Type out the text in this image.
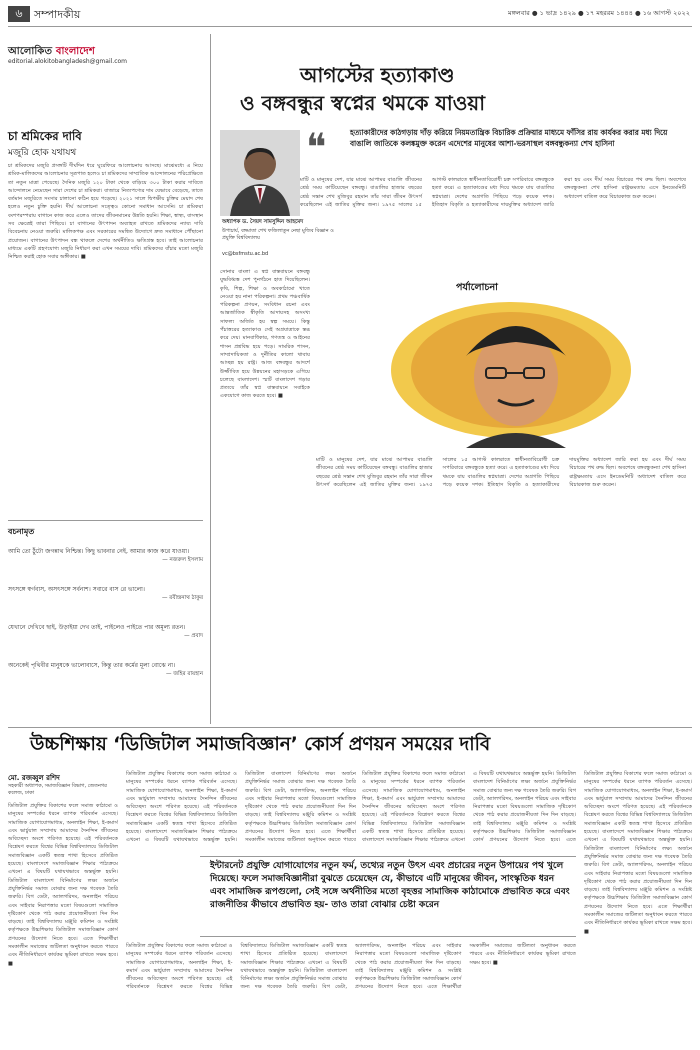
৬	সম্পাদকীয়	মঙ্গলবার ● ১ ভাদ্র ১৪২৯ ● ১৭ মহররম ১৪৪৪ ● ১৬ আগস্ট ২০২২
আলোকিত বাংলাদেশ
editorial.alokitobangladesh@gmail.com
চা শ্রমিকের দাবি
মজুরি হোক যথাযথ
চা শ্রমিকদের মজুরি প্রসঙ্গটি দীর্ঘদিন ধরে ঘুরেফিরে আলোচনায় আসছে। মাঝেমধ্যে এ নিয়ে শ্রমিক-মালিকদের আলোচনার সূত্রপাত হলেও চা শ্রমিকদের সাম্প্রতিক আন্দোলনের পরিপ্রেক্ষিতে তা নতুন মাত্রা পেয়েছে। দৈনিক মজুরি ১২০ টাকা থেকে বাড়িয়ে ৩০০ টাকা করার দাবিতে আন্দোলনে নেমেছেন সারা দেশের চা শ্রমিকরা। বাজারে নিত্যপণ্যের দাম যেভাবে বেড়েছে, তাতে বর্তমান মজুরিতে সংসার চালানো কঠিন হয়ে পড়েছে। ২০২১ সালে দ্বিপক্ষীয় চুক্তির মেয়াদ শেষ হলেও নতুন চুক্তি হয়নি। দীর্ঘ আলোচনা সত্ত্বেও কোনো সমাধান আসেনি। চা শ্রমিকরা বংশপরম্পরায় বাগানে কাজ করে এলেও তাদের জীবনমানের উন্নতি হয়নি। শিক্ষা, স্বাস্থ্য, বাসস্থান সব ক্ষেত্রেই তারা পিছিয়ে। চা বাগানের উৎপাদন অব্যাহত রাখতে শ্রমিকদের ন্যায্য দাবি বিবেচনায় নেওয়া জরুরি। মালিকপক্ষ এবং সরকারের সমন্বিত উদ্যোগে দ্রুত সমাধানে পৌঁছানো প্রয়োজন। বাগানের উৎপাদন বন্ধ থাকলে দেশের অর্থনীতিও ক্ষতিগ্রস্ত হবে। তাই আলোচনার মাধ্যমে একটি গ্রহণযোগ্য মজুরি নির্ধারণ করা এখন সময়ের দাবি। শ্রমিকদের বাঁচার মতো মজুরি নিশ্চিত করাই হোক সবার অঙ্গীকার। ■
বচনামৃত
আমি তো ঠুঁটো জগন্নাথ নিশ্চিন্ত। কিছু ভাবনার নেই, আমার কাজ করে যাওয়া।
— নজরুল ইসলাম
সৎসঙ্গে স্বর্গবাস, অসৎসঙ্গে সর্বনাশ। সবারে বাস রে ভালো।
— রবীন্দ্রনাথ ঠাকুর
যেখানে দেখিবে ছাই, উড়াইয়া দেখ তাই, পাইলেও পাইতে পার অমূল্য রতন।
— প্রবাদ
অনেকেই পৃথিবীর মানুষকে ভালোবাসে, কিন্তু তার কর্মের মূল্য বোঝে না।
— জহির রায়হান
আগস্টের হত্যাকাণ্ড
ও বঙ্গবন্ধুর স্বপ্নের থমকে যাওয়া
অধ্যাপক ড. সৈয়দ সামসুদ্দিন আহমেদ
উপাচার্য, বঙ্গমাতা শেখ ফজিলাতুন নেছা মুজিব বিজ্ঞান ও প্রযুক্তি বিশ্ববিদ্যালয়
vc@bsfmstu.ac.bd
❝	হত্যাকারীদের কাঠগড়ায় দাঁড় করিয়ে নিয়মতান্ত্রিক বিচারিক প্রক্রিয়ার মাধ্যমে ফাঁসির রায় কার্যকর করার মধ্য দিয়ে বাঙালি জাতিকে কলঙ্কমুক্ত করেন এদেশের মানুষের আশা-ভরসাস্থল বঙ্গবন্ধুকন্যা শেখ হাসিনা
মাটি ও মানুষের দেশ, যার মাঝে আপামর বাঙালি জীবনের শ্রেষ্ঠ সময় কাটিয়েছেন বঙ্গবন্ধু। বাঙালির হাজার বছরের শ্রেষ্ঠ সন্তান শেখ মুজিবুর রহমান তাঁর সারা জীবন উৎসর্গ করেছিলেন এই জাতির মুক্তির জন্য। ১৯৭৫ সালের ১৫ আগস্ট কালরাতে স্বাধীনতাবিরোধী চক্র সপরিবারে বঙ্গবন্ধুকে হত্যা করে। এ হত্যাকাণ্ডের মধ্য দিয়ে থমকে যায় বাঙালির স্বপ্নযাত্রা। দেশের অগ্রগতি পিছিয়ে পড়ে কয়েক দশক। ইতিহাস বিকৃতি ও হত্যাকারীদের দায়মুক্তির অধ্যাদেশ জারি করা হয় এবং দীর্ঘ সময় বিচারের পথ রুদ্ধ ছিল। অবশেষে বঙ্গবন্ধুকন্যা শেখ হাসিনা রাষ্ট্রক্ষমতায় এসে ইনডেমনিটি অধ্যাদেশ বাতিল করে বিচারকাজ শুরু করেন।
সোনার বাংলা এ স্বপ্ন বাস্তবায়নে বঙ্গবন্ধু যুদ্ধবিধ্বস্ত দেশ পুনর্গঠনে হাত দিয়েছিলেন। কৃষি, শিল্প, শিক্ষা ও অবকাঠামো খাতে নেওয়া হয় নানা পরিকল্পনা। প্রথম পঞ্চবার্ষিক পরিকল্পনা প্রণয়ন, সংবিধান রচনা এবং আন্তর্জাতিক স্বীকৃতি আদায়সহ অসংখ্য সাফল্য অর্জিত হয় স্বল্প সময়ে। কিন্তু পঁচাত্তরের হত্যাকাণ্ড সেই অগ্রযাত্রাকে স্তব্ধ করে দেয়। মানবাধিকার, গণতন্ত্র ও আইনের শাসন প্রশ্নবিদ্ধ হয়ে পড়ে। সামরিক শাসন, সাম্প্রদায়িকতা ও দুর্নীতির কালো থাবায় আচ্ছন্ন হয় রাষ্ট্র। আজ বঙ্গবন্ধুর আদর্শে উজ্জীবিত হয়ে উন্নয়নের মহাসড়কে এগিয়ে চলেছে বাংলাদেশ। স্মার্ট বাংলাদেশ গড়ার প্রত্যয়ে তাঁর স্বপ্ন বাস্তবায়নে সবাইকে একযোগে কাজ করতে হবে। ■
পর্যালোচনা
মাটি ও মানুষের দেশ, যার মাঝে আপামর বাঙালি জীবনের শ্রেষ্ঠ সময় কাটিয়েছেন বঙ্গবন্ধু। বাঙালির হাজার বছরের শ্রেষ্ঠ সন্তান শেখ মুজিবুর রহমান তাঁর সারা জীবন উৎসর্গ করেছিলেন এই জাতির মুক্তির জন্য। ১৯৭৫ সালের ১৫ আগস্ট কালরাতে স্বাধীনতাবিরোধী চক্র সপরিবারে বঙ্গবন্ধুকে হত্যা করে। এ হত্যাকাণ্ডের মধ্য দিয়ে থমকে যায় বাঙালির স্বপ্নযাত্রা। দেশের অগ্রগতি পিছিয়ে পড়ে কয়েক দশক। ইতিহাস বিকৃতি ও হত্যাকারীদের দায়মুক্তির অধ্যাদেশ জারি করা হয় এবং দীর্ঘ সময় বিচারের পথ রুদ্ধ ছিল। অবশেষে বঙ্গবন্ধুকন্যা শেখ হাসিনা রাষ্ট্রক্ষমতায় এসে ইনডেমনিটি অধ্যাদেশ বাতিল করে বিচারকাজ শুরু করেন।
উচ্চশিক্ষায় ‘ডিজিটাল সমাজবিজ্ঞান’ কোর্স প্রণয়ন সময়ের দাবি
মো. রজব্বুল রশিদ
সহকারী অধ্যাপক, সমাজবিজ্ঞান বিভাগ, জেতনগর কলেজ, ঢাকা
ডিজিটাল প্রযুক্তির বিকাশের ফলে সমাজ কাঠামো ও মানুষের সম্পর্কের ধরনে ব্যাপক পরিবর্তন এসেছে। সামাজিক যোগাযোগমাধ্যম, অনলাইন শিক্ষা, ই-কমার্স এবং ভার্চুয়াল সম্প্রদায় আমাদের দৈনন্দিন জীবনের অবিচ্ছেদ্য অংশে পরিণত হয়েছে। এই পরিবর্তনকে বিশ্লেষণ করতে বিশ্বের বিভিন্ন বিশ্ববিদ্যালয়ে ডিজিটাল সমাজবিজ্ঞান একটি স্বতন্ত্র শাখা হিসেবে প্রতিষ্ঠিত হয়েছে। বাংলাদেশে সমাজবিজ্ঞান শিক্ষার পাঠ্যক্রমে এখনো এ বিষয়টি যথাযথভাবে অন্তর্ভুক্ত হয়নি। ডিজিটাল বাংলাদেশ বিনির্মাণের লক্ষ্য অর্জনে প্রযুক্তিনির্ভর সমাজ বোঝার জন্য দক্ষ গবেষক তৈরি জরুরি। বিগ ডেটা, অ্যালগরিদম, অনলাইন পরিচয় এবং সাইবার নিরাপত্তার মতো বিষয়গুলো সামাজিক দৃষ্টিকোণ থেকে পাঠ করার প্রয়োজনীয়তা দিন দিন বাড়ছে। তাই বিশ্ববিদ্যালয় মঞ্জুরি কমিশন ও সংশ্লিষ্ট কর্তৃপক্ষকে উচ্চশিক্ষায় ডিজিটাল সমাজবিজ্ঞান কোর্স প্রণয়নের উদ্যোগ নিতে হবে। এতে শিক্ষার্থীরা সমকালীন সমাজের জটিলতা অনুধাবন করতে পারবে এবং নীতিনির্ধারণে কার্যকর ভূমিকা রাখতে সক্ষম হবে। ■
ডিজিটাল প্রযুক্তির বিকাশের ফলে সমাজ কাঠামো ও মানুষের সম্পর্কের ধরনে ব্যাপক পরিবর্তন এসেছে। সামাজিক যোগাযোগমাধ্যম, অনলাইন শিক্ষা, ই-কমার্স এবং ভার্চুয়াল সম্প্রদায় আমাদের দৈনন্দিন জীবনের অবিচ্ছেদ্য অংশে পরিণত হয়েছে। এই পরিবর্তনকে বিশ্লেষণ করতে বিশ্বের বিভিন্ন বিশ্ববিদ্যালয়ে ডিজিটাল সমাজবিজ্ঞান একটি স্বতন্ত্র শাখা হিসেবে প্রতিষ্ঠিত হয়েছে। বাংলাদেশে সমাজবিজ্ঞান শিক্ষার পাঠ্যক্রমে এখনো এ বিষয়টি যথাযথভাবে অন্তর্ভুক্ত হয়নি। ডিজিটাল বাংলাদেশ বিনির্মাণের লক্ষ্য অর্জনে প্রযুক্তিনির্ভর সমাজ বোঝার জন্য দক্ষ গবেষক তৈরি জরুরি। বিগ ডেটা, অ্যালগরিদম, অনলাইন পরিচয় এবং সাইবার নিরাপত্তার মতো বিষয়গুলো সামাজিক দৃষ্টিকোণ থেকে পাঠ করার প্রয়োজনীয়তা দিন দিন বাড়ছে। তাই বিশ্ববিদ্যালয় মঞ্জুরি কমিশন ও সংশ্লিষ্ট কর্তৃপক্ষকে উচ্চশিক্ষায় ডিজিটাল সমাজবিজ্ঞান কোর্স প্রণয়নের উদ্যোগ নিতে হবে। এতে শিক্ষার্থীরা সমকালীন সমাজের জটিলতা অনুধাবন করতে পারবে
ডিজিটাল প্রযুক্তির বিকাশের ফলে সমাজ কাঠামো ও মানুষের সম্পর্কের ধরনে ব্যাপক পরিবর্তন এসেছে। সামাজিক যোগাযোগমাধ্যম, অনলাইন শিক্ষা, ই-কমার্স এবং ভার্চুয়াল সম্প্রদায় আমাদের দৈনন্দিন জীবনের অবিচ্ছেদ্য অংশে পরিণত হয়েছে। এই পরিবর্তনকে বিশ্লেষণ করতে বিশ্বের বিভিন্ন বিশ্ববিদ্যালয়ে ডিজিটাল সমাজবিজ্ঞান একটি স্বতন্ত্র শাখা হিসেবে প্রতিষ্ঠিত হয়েছে। বাংলাদেশে সমাজবিজ্ঞান শিক্ষার পাঠ্যক্রমে এখনো এ বিষয়টি যথাযথভাবে অন্তর্ভুক্ত হয়নি। ডিজিটাল বাংলাদেশ বিনির্মাণের লক্ষ্য অর্জনে প্রযুক্তিনির্ভর সমাজ বোঝার জন্য দক্ষ গবেষক তৈরি জরুরি। বিগ ডেটা, অ্যালগরিদম, অনলাইন পরিচয় এবং সাইবার নিরাপত্তার মতো বিষয়গুলো সামাজিক দৃষ্টিকোণ থেকে পাঠ করার প্রয়োজনীয়তা দিন দিন বাড়ছে। তাই বিশ্ববিদ্যালয় মঞ্জুরি কমিশন ও সংশ্লিষ্ট কর্তৃপক্ষকে উচ্চশিক্ষায় ডিজিটাল সমাজবিজ্ঞান কোর্স প্রণয়নের উদ্যোগ নিতে হবে। এতে
ডিজিটাল প্রযুক্তির বিকাশের ফলে সমাজ কাঠামো ও মানুষের সম্পর্কের ধরনে ব্যাপক পরিবর্তন এসেছে। সামাজিক যোগাযোগমাধ্যম, অনলাইন শিক্ষা, ই-কমার্স এবং ভার্চুয়াল সম্প্রদায় আমাদের দৈনন্দিন জীবনের অবিচ্ছেদ্য অংশে পরিণত হয়েছে। এই পরিবর্তনকে বিশ্লেষণ করতে বিশ্বের বিভিন্ন বিশ্ববিদ্যালয়ে ডিজিটাল সমাজবিজ্ঞান একটি স্বতন্ত্র শাখা হিসেবে প্রতিষ্ঠিত হয়েছে। বাংলাদেশে সমাজবিজ্ঞান শিক্ষার পাঠ্যক্রমে এখনো এ বিষয়টি যথাযথভাবে অন্তর্ভুক্ত হয়নি। ডিজিটাল বাংলাদেশ বিনির্মাণের লক্ষ্য অর্জনে প্রযুক্তিনির্ভর সমাজ বোঝার জন্য দক্ষ গবেষক তৈরি জরুরি। বিগ ডেটা, অ্যালগরিদম, অনলাইন পরিচয় এবং সাইবার নিরাপত্তার মতো বিষয়গুলো সামাজিক দৃষ্টিকোণ থেকে পাঠ করার প্রয়োজনীয়তা দিন দিন বাড়ছে। তাই বিশ্ববিদ্যালয় মঞ্জুরি কমিশন ও সংশ্লিষ্ট কর্তৃপক্ষকে উচ্চশিক্ষায় ডিজিটাল সমাজবিজ্ঞান কোর্স প্রণয়নের উদ্যোগ নিতে হবে। এতে শিক্ষার্থীরা সমকালীন সমাজের জটিলতা অনুধাবন করতে পারবে এবং নীতিনির্ধারণে কার্যকর ভূমিকা রাখতে সক্ষম হবে। ■
ইন্টারনেট প্রযুক্তি যোগাযোগের নতুন ফর্ম, তথ্যের নতুন উৎস এবং প্রচারের নতুন উপায়ের পথ খুলে দিয়েছে। ফলে সমাজবিজ্ঞানীরা বুঝতে চেয়েছেন যে, কীভাবে এটি মানুষের জীবন, সাংস্কৃতিক ধরন এবং সামাজিক রূপগুলো, সেই সঙ্গে অর্থনীতির মতো বৃহত্তর সামাজিক কাঠামোকে প্রভাবিত করে এবং রাজনীতির কীভাবে প্রভাবিত হয়- তাও তারা বোঝার চেষ্টা করেন
ডিজিটাল প্রযুক্তির বিকাশের ফলে সমাজ কাঠামো ও মানুষের সম্পর্কের ধরনে ব্যাপক পরিবর্তন এসেছে। সামাজিক যোগাযোগমাধ্যম, অনলাইন শিক্ষা, ই-কমার্স এবং ভার্চুয়াল সম্প্রদায় আমাদের দৈনন্দিন জীবনের অবিচ্ছেদ্য অংশে পরিণত হয়েছে। এই পরিবর্তনকে বিশ্লেষণ করতে বিশ্বের বিভিন্ন বিশ্ববিদ্যালয়ে ডিজিটাল সমাজবিজ্ঞান একটি স্বতন্ত্র শাখা হিসেবে প্রতিষ্ঠিত হয়েছে। বাংলাদেশে সমাজবিজ্ঞান শিক্ষার পাঠ্যক্রমে এখনো এ বিষয়টি যথাযথভাবে অন্তর্ভুক্ত হয়নি। ডিজিটাল বাংলাদেশ বিনির্মাণের লক্ষ্য অর্জনে প্রযুক্তিনির্ভর সমাজ বোঝার জন্য দক্ষ গবেষক তৈরি জরুরি। বিগ ডেটা, অ্যালগরিদম, অনলাইন পরিচয় এবং সাইবার নিরাপত্তার মতো বিষয়গুলো সামাজিক দৃষ্টিকোণ থেকে পাঠ করার প্রয়োজনীয়তা দিন দিন বাড়ছে। তাই বিশ্ববিদ্যালয় মঞ্জুরি কমিশন ও সংশ্লিষ্ট কর্তৃপক্ষকে উচ্চশিক্ষায় ডিজিটাল সমাজবিজ্ঞান কোর্স প্রণয়নের উদ্যোগ নিতে হবে। এতে শিক্ষার্থীরা সমকালীন সমাজের জটিলতা অনুধাবন করতে পারবে এবং নীতিনির্ধারণে কার্যকর ভূমিকা রাখতে সক্ষম হবে। ■
